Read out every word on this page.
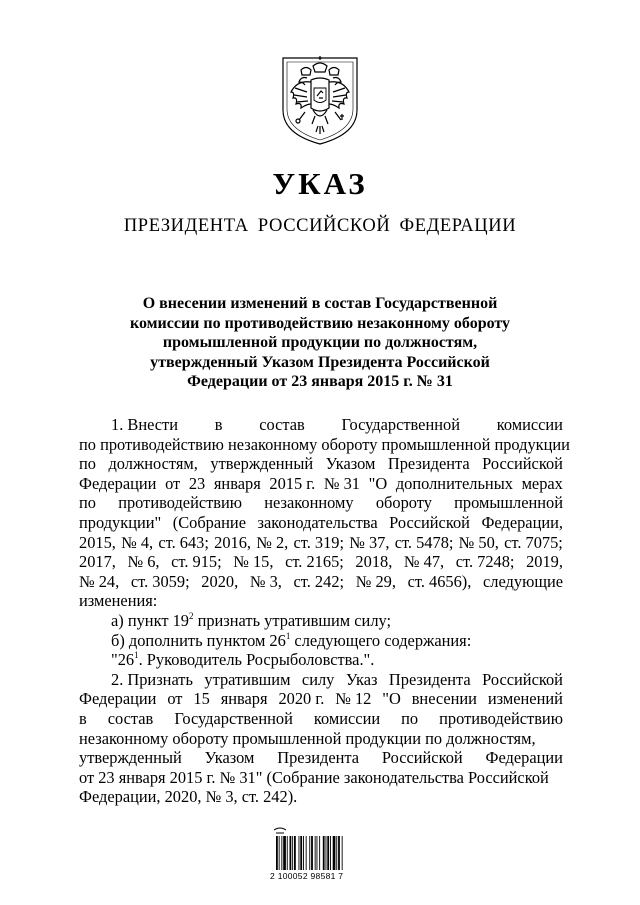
УКАЗ
ПРЕЗИДЕНТА РОССИЙСКОЙ ФЕДЕРАЦИИ
О внесении изменений в состав Государственной
комиссии по противодействию незаконному обороту
промышленной продукции по должностям,
утвержденный Указом Президента Российской
Федерации от 23 января 2015 г. № 31
1. Внести в состав Государственной комиссии
по противодействию незаконному обороту промышленной продукции
по должностям, утвержденный Указом Президента Российской
Федерации от 23 января 2015 г. № 31 "О дополнительных мерах
по противодействию незаконному обороту промышленной
продукции" (Собрание законодательства Российской Федерации,
2015, № 4, ст. 643; 2016, № 2, ст. 319; № 37, ст. 5478; № 50, ст. 7075;
2017, № 6, ст. 915; № 15, ст. 2165; 2018, № 47, ст. 7248; 2019,
№ 24, ст. 3059; 2020, № 3, ст. 242; № 29, ст. 4656), следующие
изменения:
а) пункт $19^2$ признать утратившим силу;
б) дополнить пунктом $26^1$ следующего содержания:
"$26^1$. Руководитель Росрыболовства.".
2. Признать утратившим силу Указ Президента Российской
Федерации от 15 января 2020 г. № 12 "О внесении изменений
в состав Государственной комиссии по противодействию
незаконному обороту промышленной продукции по должностям,
утвержденный Указом Президента Российской Федерации
от 23 января 2015 г. № 31" (Собрание законодательства Российской
Федерации, 2020, № 3, ст. 242).
2 100052 98581 7
